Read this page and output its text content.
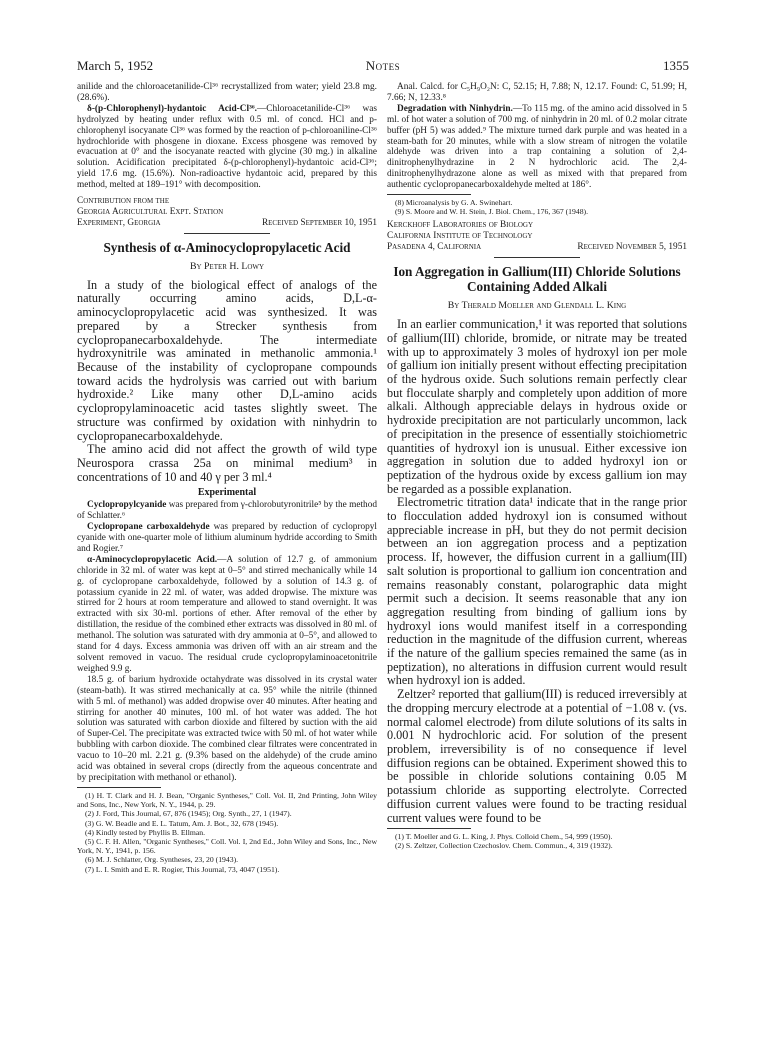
March 5, 1952	Notes	1355

anilide and the chloroacetanilide-Cl³⁶ recrystallized from water; yield 23.8 mg. (28.6%).

δ-(p-Chlorophenyl)-hydantoic Acid-Cl³⁶.—Chloroacetanilide-Cl³⁶ was hydrolyzed by heating under reflux with 0.5 ml. of concd. HCl and p-chlorophenyl isocyanate Cl³⁶ was formed by the reaction of p-chloroaniline-Cl³⁶ hydrochloride with phosgene in dioxane. Excess phosgene was removed by evacuation at 0° and the isocyanate reacted with glycine (30 mg.) in alkaline solution. Acidification precipitated δ-(p-chlorophenyl)-hydantoic acid-Cl³⁶; yield 17.6 mg. (15.6%). Non-radioactive hydantoic acid, prepared by this method, melted at 189–191° with decomposition.

Contribution from the

Georgia Agricultural Expt. Station

Experiment, Georgia	Received September 10, 1951
Synthesis of α-Aminocyclopropylacetic Acid
By Peter H. Lowy

In a study of the biological effect of analogs of the naturally occurring amino acids, D,L-α-aminocyclopropylacetic acid was synthesized. It was prepared by a Strecker synthesis from cyclopropanecarboxaldehyde. The intermediate hydroxynitrile was aminated in methanolic ammonia.¹ Because of the instability of cyclopropane compounds toward acids the hydrolysis was carried out with barium hydroxide.² Like many other D,L-amino acids cyclopropylaminoacetic acid tastes slightly sweet. The structure was confirmed by oxidation with ninhydrin to cyclopropanecarboxaldehyde.

The amino acid did not affect the growth of wild type Neurospora crassa 25a on minimal medium³ in concentrations of 10 and 40 γ per 3 ml.⁴

Experimental

Cyclopropylcyanide was prepared from γ-chlorobutyronitrile⁵ by the method of Schlatter.⁶

Cyclopropane carboxaldehyde was prepared by reduction of cyclopropyl cyanide with one-quarter mole of lithium aluminum hydride according to Smith and Rogier.⁷

α-Aminocyclopropylacetic Acid.—A solution of 12.7 g. of ammonium chloride in 32 ml. of water was kept at 0–5° and stirred mechanically while 14 g. of cyclopropane carboxaldehyde, followed by a solution of 14.3 g. of potassium cyanide in 22 ml. of water, was added dropwise. The mixture was stirred for 2 hours at room temperature and allowed to stand overnight. It was extracted with six 30-ml. portions of ether. After removal of the ether by distillation, the residue of the combined ether extracts was dissolved in 80 ml. of methanol. The solution was saturated with dry ammonia at 0–5°, and allowed to stand for 4 days. Excess ammonia was driven off with an air stream and the solvent removed in vacuo. The residual crude cyclopropylaminoacetonitrile weighed 9.9 g.

18.5 g. of barium hydroxide octahydrate was dissolved in its crystal water (steam-bath). It was stirred mechanically at ca. 95° while the nitrile (thinned with 5 ml. of methanol) was added dropwise over 40 minutes. After heating and stirring for another 40 minutes, 100 ml. of hot water was added. The hot solution was saturated with carbon dioxide and filtered by suction with the aid of Super-Cel. The precipitate was extracted twice with 50 ml. of hot water while bubbling with carbon dioxide. The combined clear filtrates were concentrated in vacuo to 10–20 ml. 2.21 g. (9.3% based on the aldehyde) of the crude amino acid was obtained in several crops (directly from the aqueous concentrate and by precipitation with methanol or ethanol).

(1) H. T. Clark and H. J. Bean, "Organic Syntheses," Coll. Vol. II, 2nd Printing, John Wiley and Sons, Inc., New York, N. Y., 1944, p. 29.

(2) J. Ford, This Journal, 67, 876 (1945); Org. Synth., 27, 1 (1947).

(3) G. W. Beadle and E. L. Tatum, Am. J. Bot., 32, 678 (1945).

(4) Kindly tested by Phyllis B. Ellman.

(5) C. F. H. Allen, "Organic Syntheses," Coll. Vol. I, 2nd Ed., John Wiley and Sons, Inc., New York, N. Y., 1941, p. 156.

(6) M. J. Schlatter, Org. Syntheses, 23, 20 (1943).

(7) L. I. Smith and E. R. Rogier, This Journal, 73, 4047 (1951).

Anal. Calcd. for C₅H₉O₂N: C, 52.15; H, 7.88; N, 12.17. Found: C, 51.99; H, 7.66; N, 12.33.⁸

Degradation with Ninhydrin.—To 115 mg. of the amino acid dissolved in 5 ml. of hot water a solution of 700 mg. of ninhydrin in 20 ml. of 0.2 molar citrate buffer (pH 5) was added.⁹ The mixture turned dark purple and was heated in a steam-bath for 20 minutes, while with a slow stream of nitrogen the volatile aldehyde was driven into a trap containing a solution of 2,4-dinitrophenylhydrazine in 2 N hydrochloric acid. The 2,4-dinitrophenylhydrazone alone as well as mixed with that prepared from authentic cyclopropanecarboxaldehyde melted at 186°.

(8) Microanalysis by G. A. Swinehart.

(9) S. Moore and W. H. Stein, J. Biol. Chem., 176, 367 (1948).

Kerckhoff Laboratories of Biology

California Institute of Technology

Pasadena 4, California	Received November 5, 1951
Ion Aggregation in Gallium(III) Chloride Solutions Containing Added Alkali
By Therald Moeller and Glendall L. King

In an earlier communication,¹ it was reported that solutions of gallium(III) chloride, bromide, or nitrate may be treated with up to approximately 3 moles of hydroxyl ion per mole of gallium ion initially present without effecting precipitation of the hydrous oxide. Such solutions remain perfectly clear but flocculate sharply and completely upon addition of more alkali. Although appreciable delays in hydrous oxide or hydroxide precipitation are not particularly uncommon, lack of precipitation in the presence of essentially stoichiometric quantities of hydroxyl ion is unusual. Either excessive ion aggregation in solution due to added hydroxyl ion or peptization of the hydrous oxide by excess gallium ion may be regarded as a possible explanation.

Electrometric titration data¹ indicate that in the range prior to flocculation added hydroxyl ion is consumed without appreciable increase in pH, but they do not permit decision between an ion aggregation process and a peptization process. If, however, the diffusion current in a gallium(III) salt solution is proportional to gallium ion concentration and remains reasonably constant, polarographic data might permit such a decision. It seems reasonable that any ion aggregation resulting from binding of gallium ions by hydroxyl ions would manifest itself in a corresponding reduction in the magnitude of the diffusion current, whereas if the nature of the gallium species remained the same (as in peptization), no alterations in diffusion current would result when hydroxyl ion is added.

Zeltzer² reported that gallium(III) is reduced irreversibly at the dropping mercury electrode at a potential of −1.08 v. (vs. normal calomel electrode) from dilute solutions of its salts in 0.001 N hydrochloric acid. For solution of the present problem, irreversibility is of no consequence if level diffusion regions can be obtained. Experiment showed this to be possible in chloride solutions containing 0.05 M potassium chloride as supporting electrolyte. Corrected diffusion current values were found to be tracting residual current values were found to be

(1) T. Moeller and G. L. King, J. Phys. Colloid Chem., 54, 999 (1950).

(2) S. Zeltzer, Collection Czechoslov. Chem. Commun., 4, 319 (1932).
